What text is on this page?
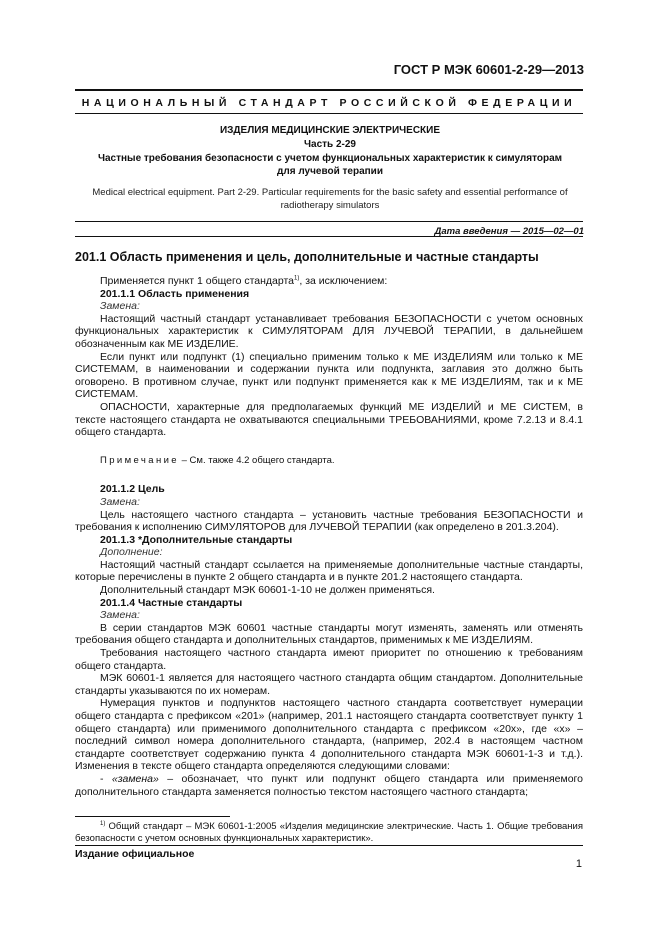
ГОСТ Р МЭК 60601-2-29—2013
НАЦИОНАЛЬНЫЙ СТАНДАРТ РОССИЙСКОЙ ФЕДЕРАЦИИ
ИЗДЕЛИЯ МЕДИЦИНСКИЕ ЭЛЕКТРИЧЕСКИЕ
Часть 2-29
Частные требования безопасности с учетом функциональных характеристик к симуляторам
для лучевой терапии
Medical electrical equipment. Part 2-29. Particular requirements for the basic safety and essential performance of
radiotherapy simulators
Дата введения — 2015—02—01
201.1 Область применения и цель, дополнительные и частные стандарты

Применяется пункт 1 общего стандарта$^{1)}$, за исключением:

201.1.1 Область применения

Замена:

Настоящий частный стандарт устанавливает требования БЕЗОПАСНОСТИ с учетом основных

функциональных характеристик к СИМУЛЯТОРАМ ДЛЯ ЛУЧЕВОЙ ТЕРАПИИ, в дальнейшем

обозначенным как МЕ ИЗДЕЛИЕ.

Если пункт или подпункт (1) специально применим только к МЕ ИЗДЕЛИЯМ или только к МЕ

СИСТЕМАМ, в наименовании и содержании пункта или подпункта, заглавия это должно быть

оговорено. В противном случае, пункт или подпункт применяется как к МЕ ИЗДЕЛИЯМ, так и к МЕ

СИСТЕМАМ.

ОПАСНОСТИ, характерные для предполагаемых функций МЕ ИЗДЕЛИЙ и МЕ СИСТЕМ, в

тексте настоящего стандарта не охватываются специальными ТРЕБОВАНИЯМИ, кроме 7.2.13 и 8.4.1

общего стандарта.

Примечание – См. также 4.2 общего стандарта.

201.1.2 Цель

Замена:

Цель настоящего частного стандарта – установить частные требования БЕЗОПАСНОСТИ и

требования к исполнению СИМУЛЯТОРОВ для ЛУЧЕВОЙ ТЕРАПИИ (как определено в 201.3.204).

201.1.3 *Дополнительные стандарты

Дополнение:

Настоящий частный стандарт ссылается на применяемые дополнительные частные стандарты,

которые перечислены в пункте 2 общего стандарта и в пункте 201.2 настоящего стандарта.

Дополнительный стандарт МЭК 60601-1-10 не должен применяться.

201.1.4 Частные стандарты

Замена:

В серии стандартов МЭК 60601 частные стандарты могут изменять, заменять или отменять

требования общего стандарта и дополнительных стандартов, применимых к МЕ ИЗДЕЛИЯМ.

Требования настоящего частного стандарта имеют приоритет по отношению к требованиям

общего стандарта.

МЭК 60601-1 является для настоящего частного стандарта общим стандартом. Дополнительные

стандарты указываются по их номерам.

Нумерация пунктов и подпунктов настоящего частного стандарта соответствует нумерации

общего стандарта с префиксом «201» (например, 201.1 настоящего стандарта соответствует пункту 1

общего стандарта) или применимого дополнительного стандарта с префиксом «20х», где «х» –

последний символ номера дополнительного стандарта, (например, 202.4 в настоящем частном

стандарте соответствует содержанию пункта 4 дополнительного стандарта МЭК 60601-1-3 и т.д.).

Изменения в тексте общего стандарта определяются следующими словами:

- «замена» – обозначает, что пункт или подпункт общего стандарта или применяемого

дополнительного стандарта заменяется полностью текстом настоящего частного стандарта;

$^{1)}$ Общий стандарт – МЭК 60601-1:2005 «Изделия медицинские электрические. Часть 1. Общие требования

безопасности с учетом основных функциональных характеристик».

Издание официальное
1
